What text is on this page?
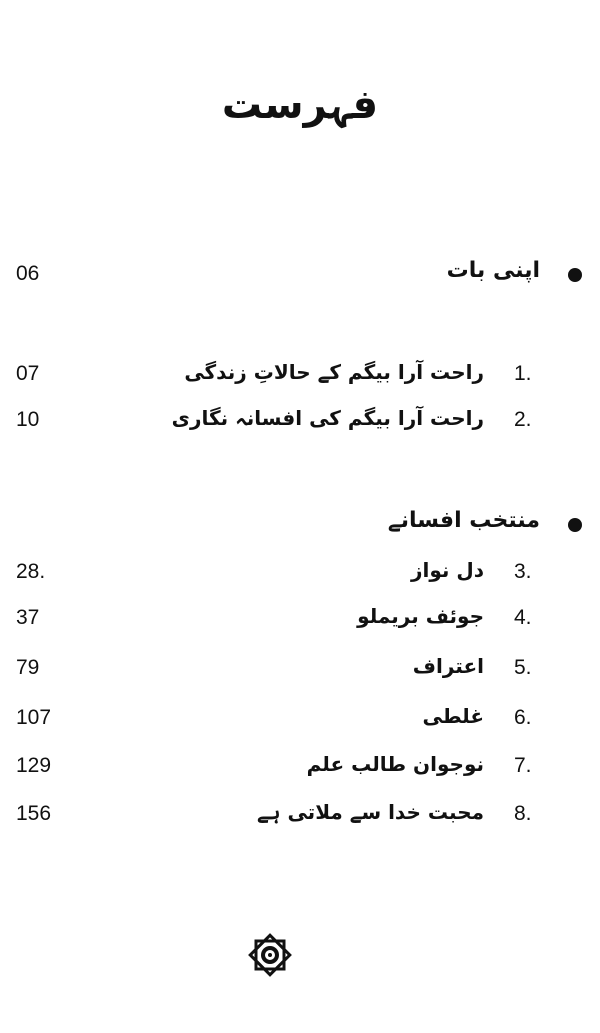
فہرست
اپنی بات
06
1.
راحت آرا بیگم کے حالاتِ زندگی
07
2.
راحت آرا بیگم کی افسانہ نگاری
10
منتخب افسانے
3.
دل نواز
28.
4.
جوئف بریملو
37
5.
اعتراف
79
6.
غلطی
107
7.
نوجوان طالب علم
129
8.
محبت خدا سے ملاتی ہے
156
